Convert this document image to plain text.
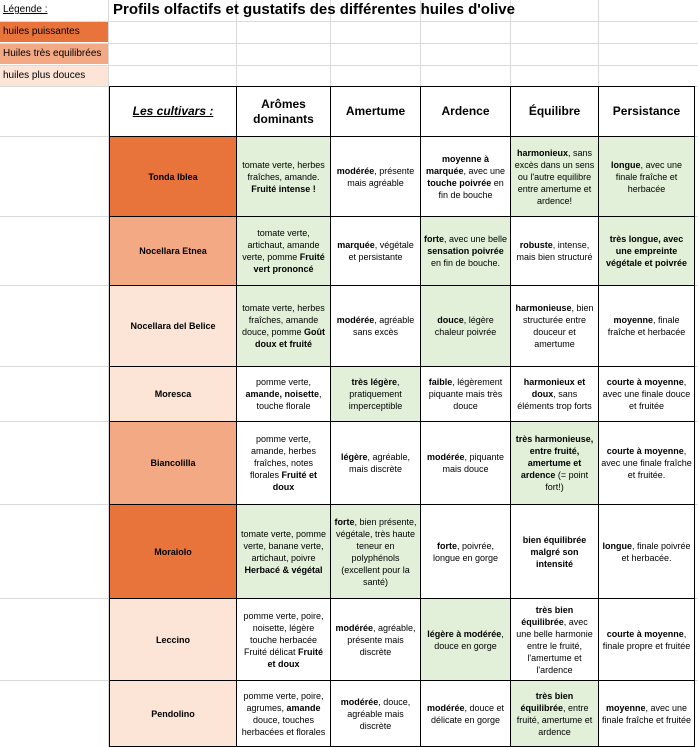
Profils olfactifs et gustatifs des différentes huiles d'olive
Légende :
huiles puissantes
Huiles très equilibrées
huiles plus douces
Les cultivars :	Arômes dominants	Amertume	Ardence	Équilibre	Persistance
Tonda Iblea	tomate verte, herbes fraîches, amande. Fruité intense !	modérée, présente mais agréable	moyenne à marquée, avec une touche poivrée en fin de bouche	harmonieux, sans excès dans un sens ou l'autre equilibre entre amertume et ardence!	longue, avec une finale fraîche et herbacée
Nocellara Etnea	tomate verte, artichaut, amande verte, pomme Fruité vert prononcé	marquée, végétale et persistante	forte, avec une belle sensation poivrée en fin de bouche.	robuste, intense, mais bien structuré	très longue, avec une empreinte végétale et poivrée
Nocellara del Belice	tomate verte, herbes fraîches, amande douce, pomme Goût doux et fruité	modérée, agréable sans excès	douce, légère chaleur poivrée	harmonieuse, bien structurée entre douceur et amertume	moyenne, finale fraîche et herbacée
Moresca	pomme verte, amande, noisette, touche florale	très légère, pratiquement imperceptible	faible, légèrement piquante mais très douce	harmonieux et doux, sans éléments trop forts	courte à moyenne, avec une finale douce et fruitée
Biancolilla	pomme verte, amande, herbes fraîches, notes florales Fruité et doux	légère, agréable, mais discrète	modérée, piquante mais douce	très harmonieuse, entre fruité, amertume et ardence (= point fort!)	courte à moyenne, avec une finale fraîche et fruitée.
Moraiolo	tomate verte, pomme verte, banane verte, artichaut, poivre Herbacé & végétal	forte, bien présente, végétale, très haute teneur en polyphénols (excellent pour la santé)	forte, poivrée, longue en gorge	bien équilibrée malgré son intensité	longue, finale poivrée et herbacée.
Leccino	pomme verte, poire, noisette, légère touche herbacée Fruité délicat Fruité et doux	modérée, agréable, présente mais discrète	légère à modérée, douce en gorge	très bien équilibrée, avec une belle harmonie entre le fruité, l'amertume et l'ardence	courte à moyenne, finale propre et fruitée
Pendolino	pomme verte, poire, agrumes, amande douce, touches herbacées et florales	modérée, douce, agréable mais discrète	modérée, douce et délicate en gorge	très bien équilibrée, entre fruité, amertume et ardence	moyenne, avec une finale fraîche et fruitée
